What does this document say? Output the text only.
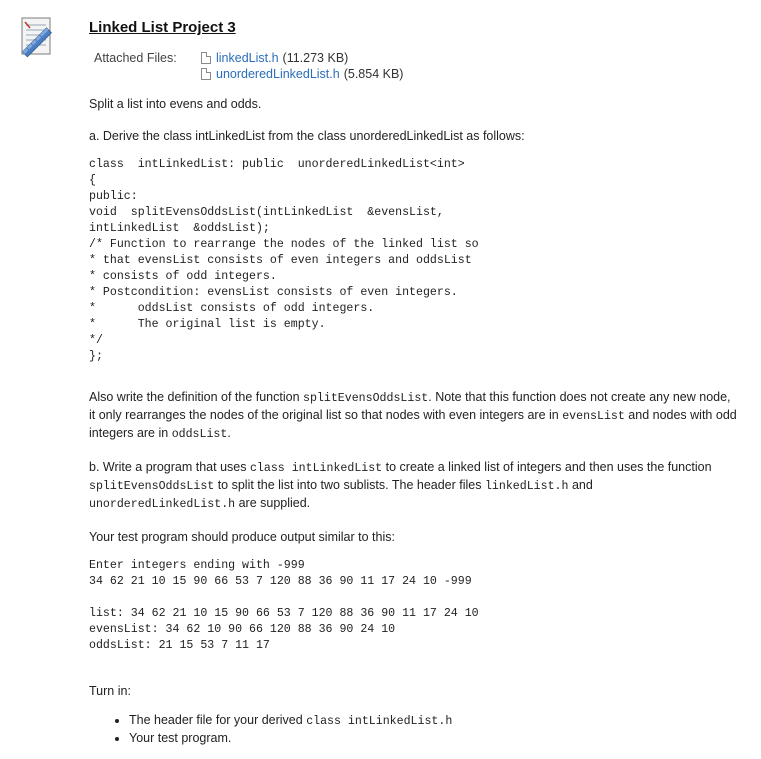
Linked List Project 3
Attached Files:	linkedList.h (11.273 KB)
unorderedLinkedList.h (5.854 KB)

Split a list into evens and odds.

a. Derive the class intLinkedList from the class unorderedLinkedList as follows:

class  intLinkedList: public  unorderedLinkedList<int>
{
public:
void  splitEvensOddsList(intLinkedList  &evensList,
intLinkedList  &oddsList);
/* Function to rearrange the nodes of the linked list so
* that evensList consists of even integers and oddsList
* consists of odd integers.
* Postcondition: evensList consists of even integers.
*      oddsList consists of odd integers.
*      The original list is empty.
*/
};

Also write the definition of the function splitEvensOddsList. Note that this function does not create any new node, it only rearranges the nodes of the original list so that nodes with even integers are in evensList and nodes with odd integers are in oddsList.

b. Write a program that uses class intLinkedList to create a linked list of integers and then uses the function splitEvensOddsList to split the list into two sublists. The header files linkedList.h and unorderedLinkedList.h are supplied.

Your test program should produce output similar to this:

Enter integers ending with -999
34 62 21 10 15 90 66 53 7 120 88 36 90 11 17 24 10 -999

list: 34 62 21 10 15 90 66 53 7 120 88 36 90 11 17 24 10
evensList: 34 62 10 90 66 120 88 36 90 24 10
oddsList: 21 15 53 7 11 17

Turn in:

• The header file for your derived class intLinkedList.h
• Your test program.
